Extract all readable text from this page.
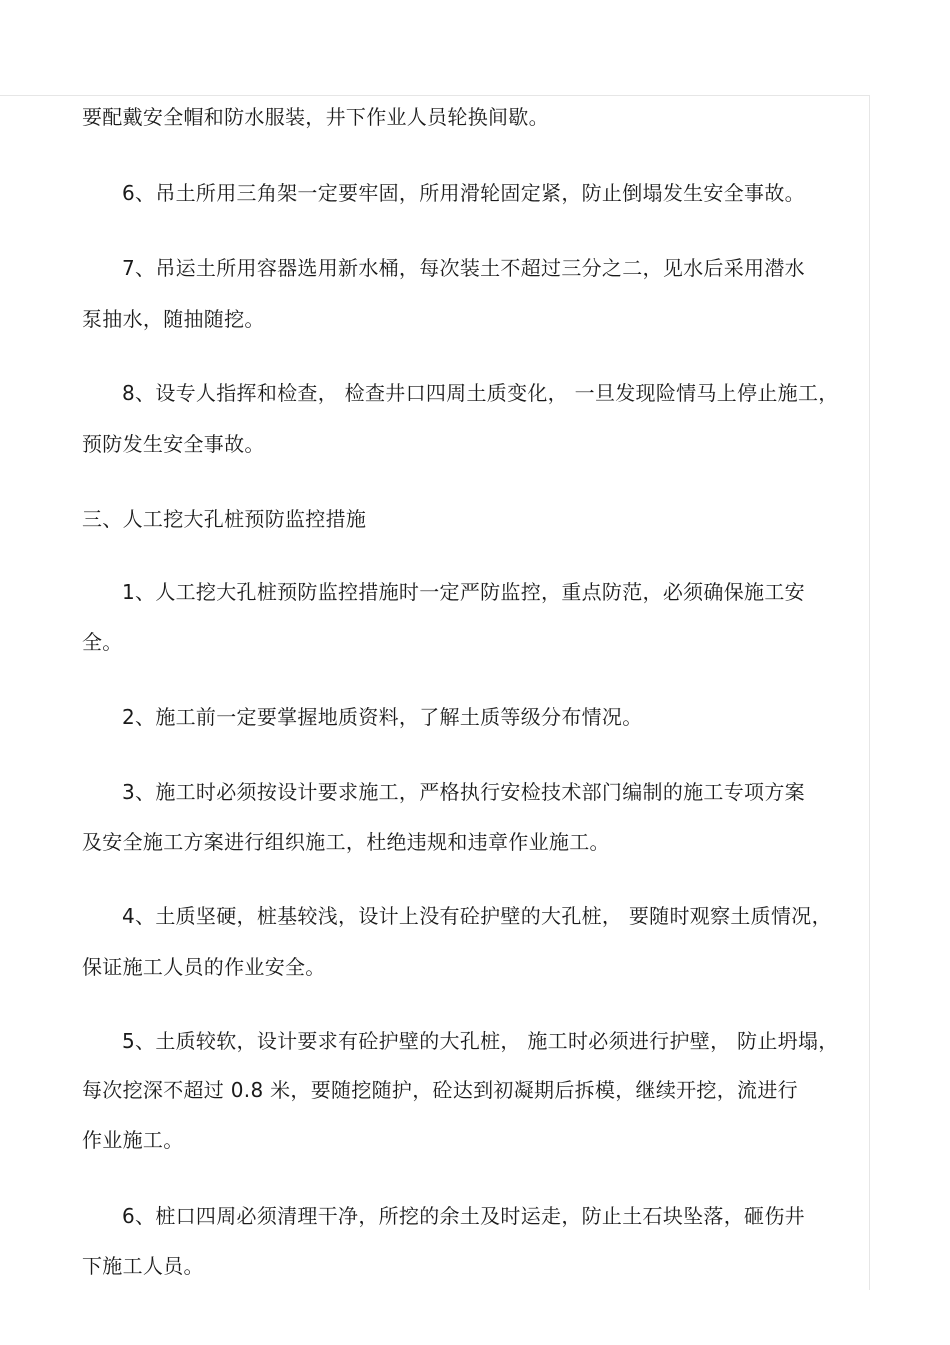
要配戴安全帽和防水服装，井下作业人员轮换间歇。
6、吊土所用三角架一定要牢固，所用滑轮固定紧，防止倒塌发生安全事故。
7、吊运土所用容器选用新水桶，每次装土不超过三分之二，见水后采用潜水
泵抽水，随抽随挖。
8、设专人指挥和检查， 检查井口四周土质变化， 一旦发现险情马上停止施工，
预防发生安全事故。
三、人工挖大孔桩预防监控措施
1、人工挖大孔桩预防监控措施时一定严防监控，重点防范，必须确保施工安
全。
2、施工前一定要掌握地质资料，了解土质等级分布情况。
3、施工时必须按设计要求施工，严格执行安检技术部门编制的施工专项方案
及安全施工方案进行组织施工，杜绝违规和违章作业施工。
4、土质坚硬，桩基较浅，设计上没有砼护壁的大孔桩， 要随时观察土质情况，
保证施工人员的作业安全。
5、土质较软，设计要求有砼护壁的大孔桩， 施工时必须进行护壁， 防止坍塌，
每次挖深不超过 0.8 米，要随挖随护，砼达到初凝期后拆模，继续开挖，流进行
作业施工。
6、桩口四周必须清理干净，所挖的余土及时运走，防止土石块坠落，砸伤井
下施工人员。
